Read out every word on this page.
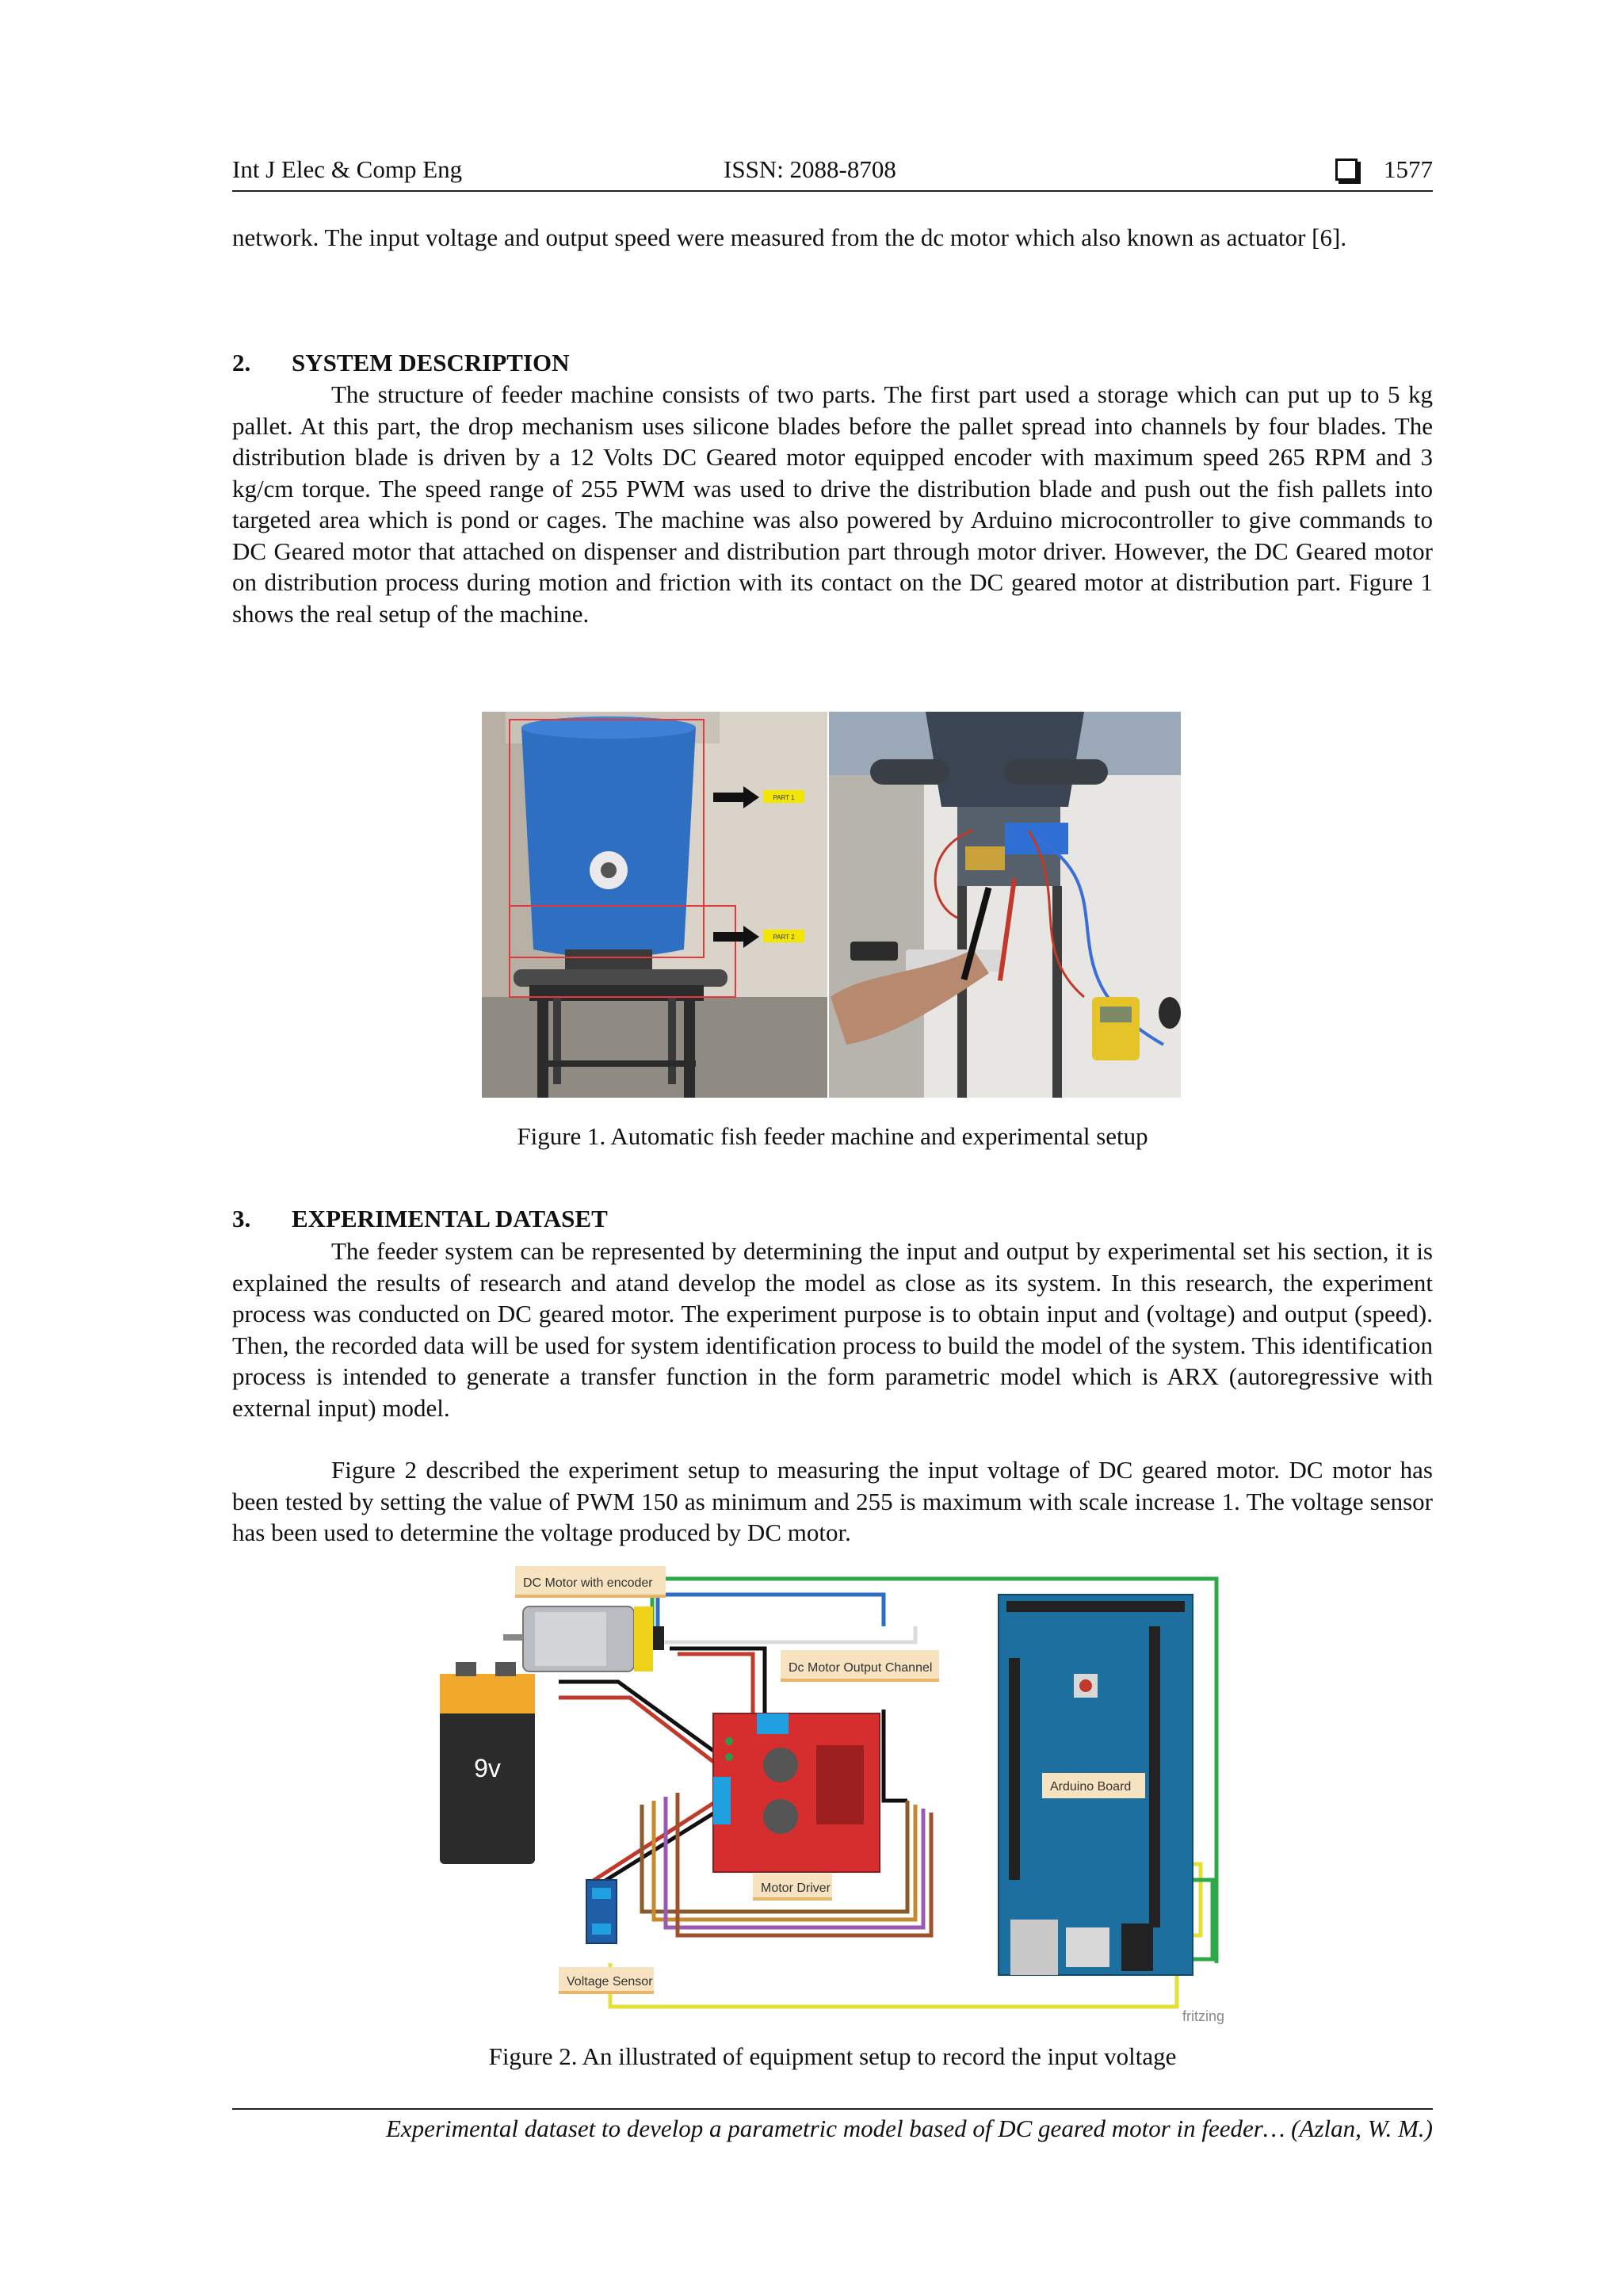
Int J Elec & Comp Eng	ISSN: 2088-8708	1577
network. The input voltage and output speed were measured from the dc motor which also known as actuator [6].
2. SYSTEM DESCRIPTION
The structure of feeder machine consists of two parts. The first part used a storage which can put up to 5 kg pallet. At this part, the drop mechanism uses silicone blades before the pallet spread into channels by four blades. The distribution blade is driven by a 12 Volts DC Geared motor equipped encoder with maximum speed 265 RPM and 3 kg/cm torque. The speed range of 255 PWM was used to drive the distribution blade and push out the fish pallets into targeted area which is pond or cages. The machine was also powered by Arduino microcontroller to give commands to DC Geared motor that attached on dispenser and distribution part through motor driver. However, the DC Geared motor on distribution process during motion and friction with its contact on the DC geared motor at distribution part. Figure 1 shows the real setup of the machine.
PART 1
PART 2
Figure 1. Automatic fish feeder machine and experimental setup
3. EXPERIMENTAL DATASET
The feeder system can be represented by determining the input and output by experimental set his section, it is explained the results of research and atand develop the model as close as its system. In this research, the experiment process was conducted on DC geared motor. The experiment purpose is to obtain input and (voltage) and output (speed). Then, the recorded data will be used for system identification process to build the model of the system. This identification process is intended to generate a transfer function in the form parametric model which is ARX (autoregressive with external input) model.
Figure 2 described the experiment setup to measuring the input voltage of DC geared motor. DC motor has been tested by setting the value of PWM 150 as minimum and 255 is maximum with scale increase 1. The voltage sensor has been used to determine the voltage produced by DC motor.
DC Motor with encoder
Dc Motor Output Channel
9v
Motor Driver
Voltage Sensor
Arduino Board
fritzing
Figure 2. An illustrated of equipment setup to record the input voltage
Experimental dataset to develop a parametric model based of DC geared motor in feeder… (Azlan, W. M.)
